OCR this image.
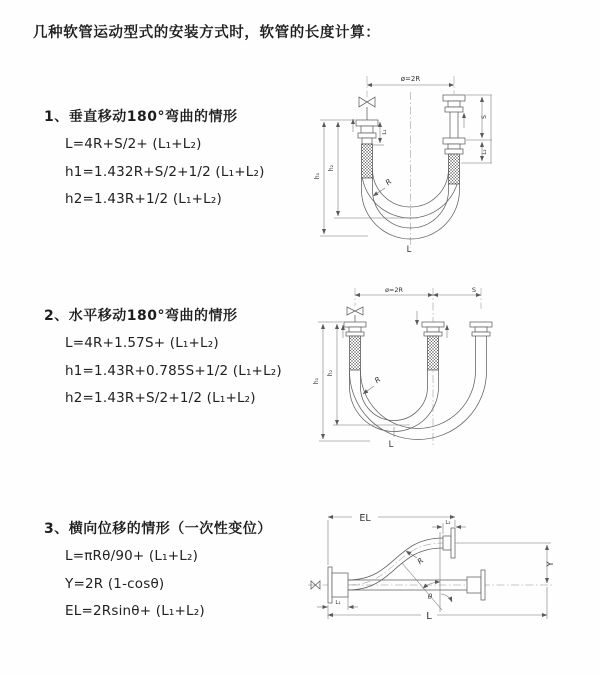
几种软管运动型式的安装方式时，软管的长度计算：
1、垂直移动180°弯曲的情形
L=4R+S/2+ (L₁+L₂)
h1=1.432R+S/2+1/2 (L₁+L₂)
h2=1.43R+1/2 (L₁+L₂)
2、水平移动180°弯曲的情形
L=4R+1.57S+ (L₁+L₂)
h1=1.43R+0.785S+1/2 (L₁+L₂)
h2=1.43R+S/2+1/2 (L₁+L₂)
3、横向位移的情形（一次性变位）
L=πRθ/90+ (L₁+L₂)
Y=2R (1-cosθ)
EL=2Rsinθ+ (L₁+L₂)
ø=2R
L₁
S
L₂
h₁
h₂
R
L
ø=2R	S
h₁
h₂
R
L
θ
R
EL	L₂
Y
L₁
L
